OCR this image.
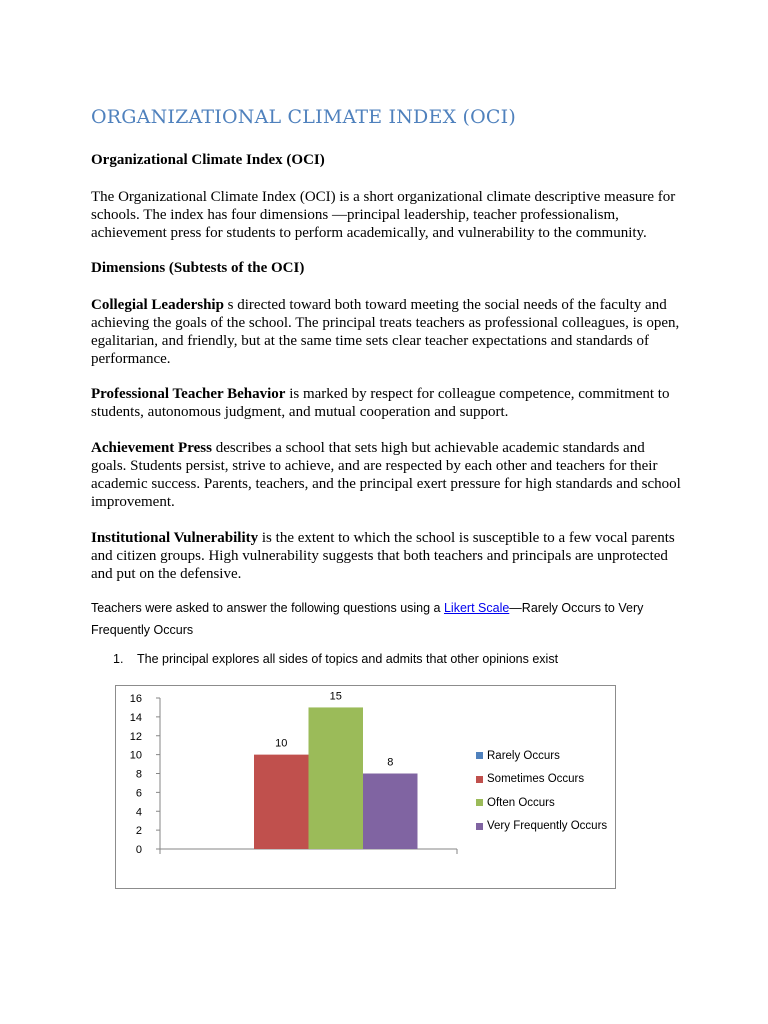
ORGANIZATIONAL CLIMATE INDEX (OCI)

Organizational Climate Index (OCI)

The Organizational Climate Index (OCI) is a short organizational climate descriptive measure for schools. The index has four dimensions —principal leadership, teacher professionalism, achievement press for students to perform academically, and vulnerability to the community.

Dimensions (Subtests of the OCI)

Collegial Leadership s directed toward both toward meeting the social needs of the faculty and achieving the goals of the school. The principal treats teachers as professional colleagues, is open, egalitarian, and friendly, but at the same time sets clear teacher expectations and standards of performance.

Professional Teacher Behavior is marked by respect for colleague competence, commitment to students, autonomous judgment, and mutual cooperation and support.

Achievement Press describes a school that sets high but achievable academic standards and goals. Students persist, strive to achieve, and are respected by each other and teachers for their academic success. Parents, teachers, and the principal exert pressure for high standards and school improvement.

Institutional Vulnerability is the extent to which the school is susceptible to a few vocal parents and citizen groups. High vulnerability suggests that both teachers and principals are unprotected and put on the defensive.

Teachers were asked to answer the following questions using a Likert Scale—Rarely Occurs to Very Frequently Occurs

1. The principal explores all sides of topics and admits that other opinions exist

0
2
4
6
8
10
12
14
16
10
15
8
Rarely Occurs
Sometimes Occurs
Often Occurs
Very Frequently Occurs
